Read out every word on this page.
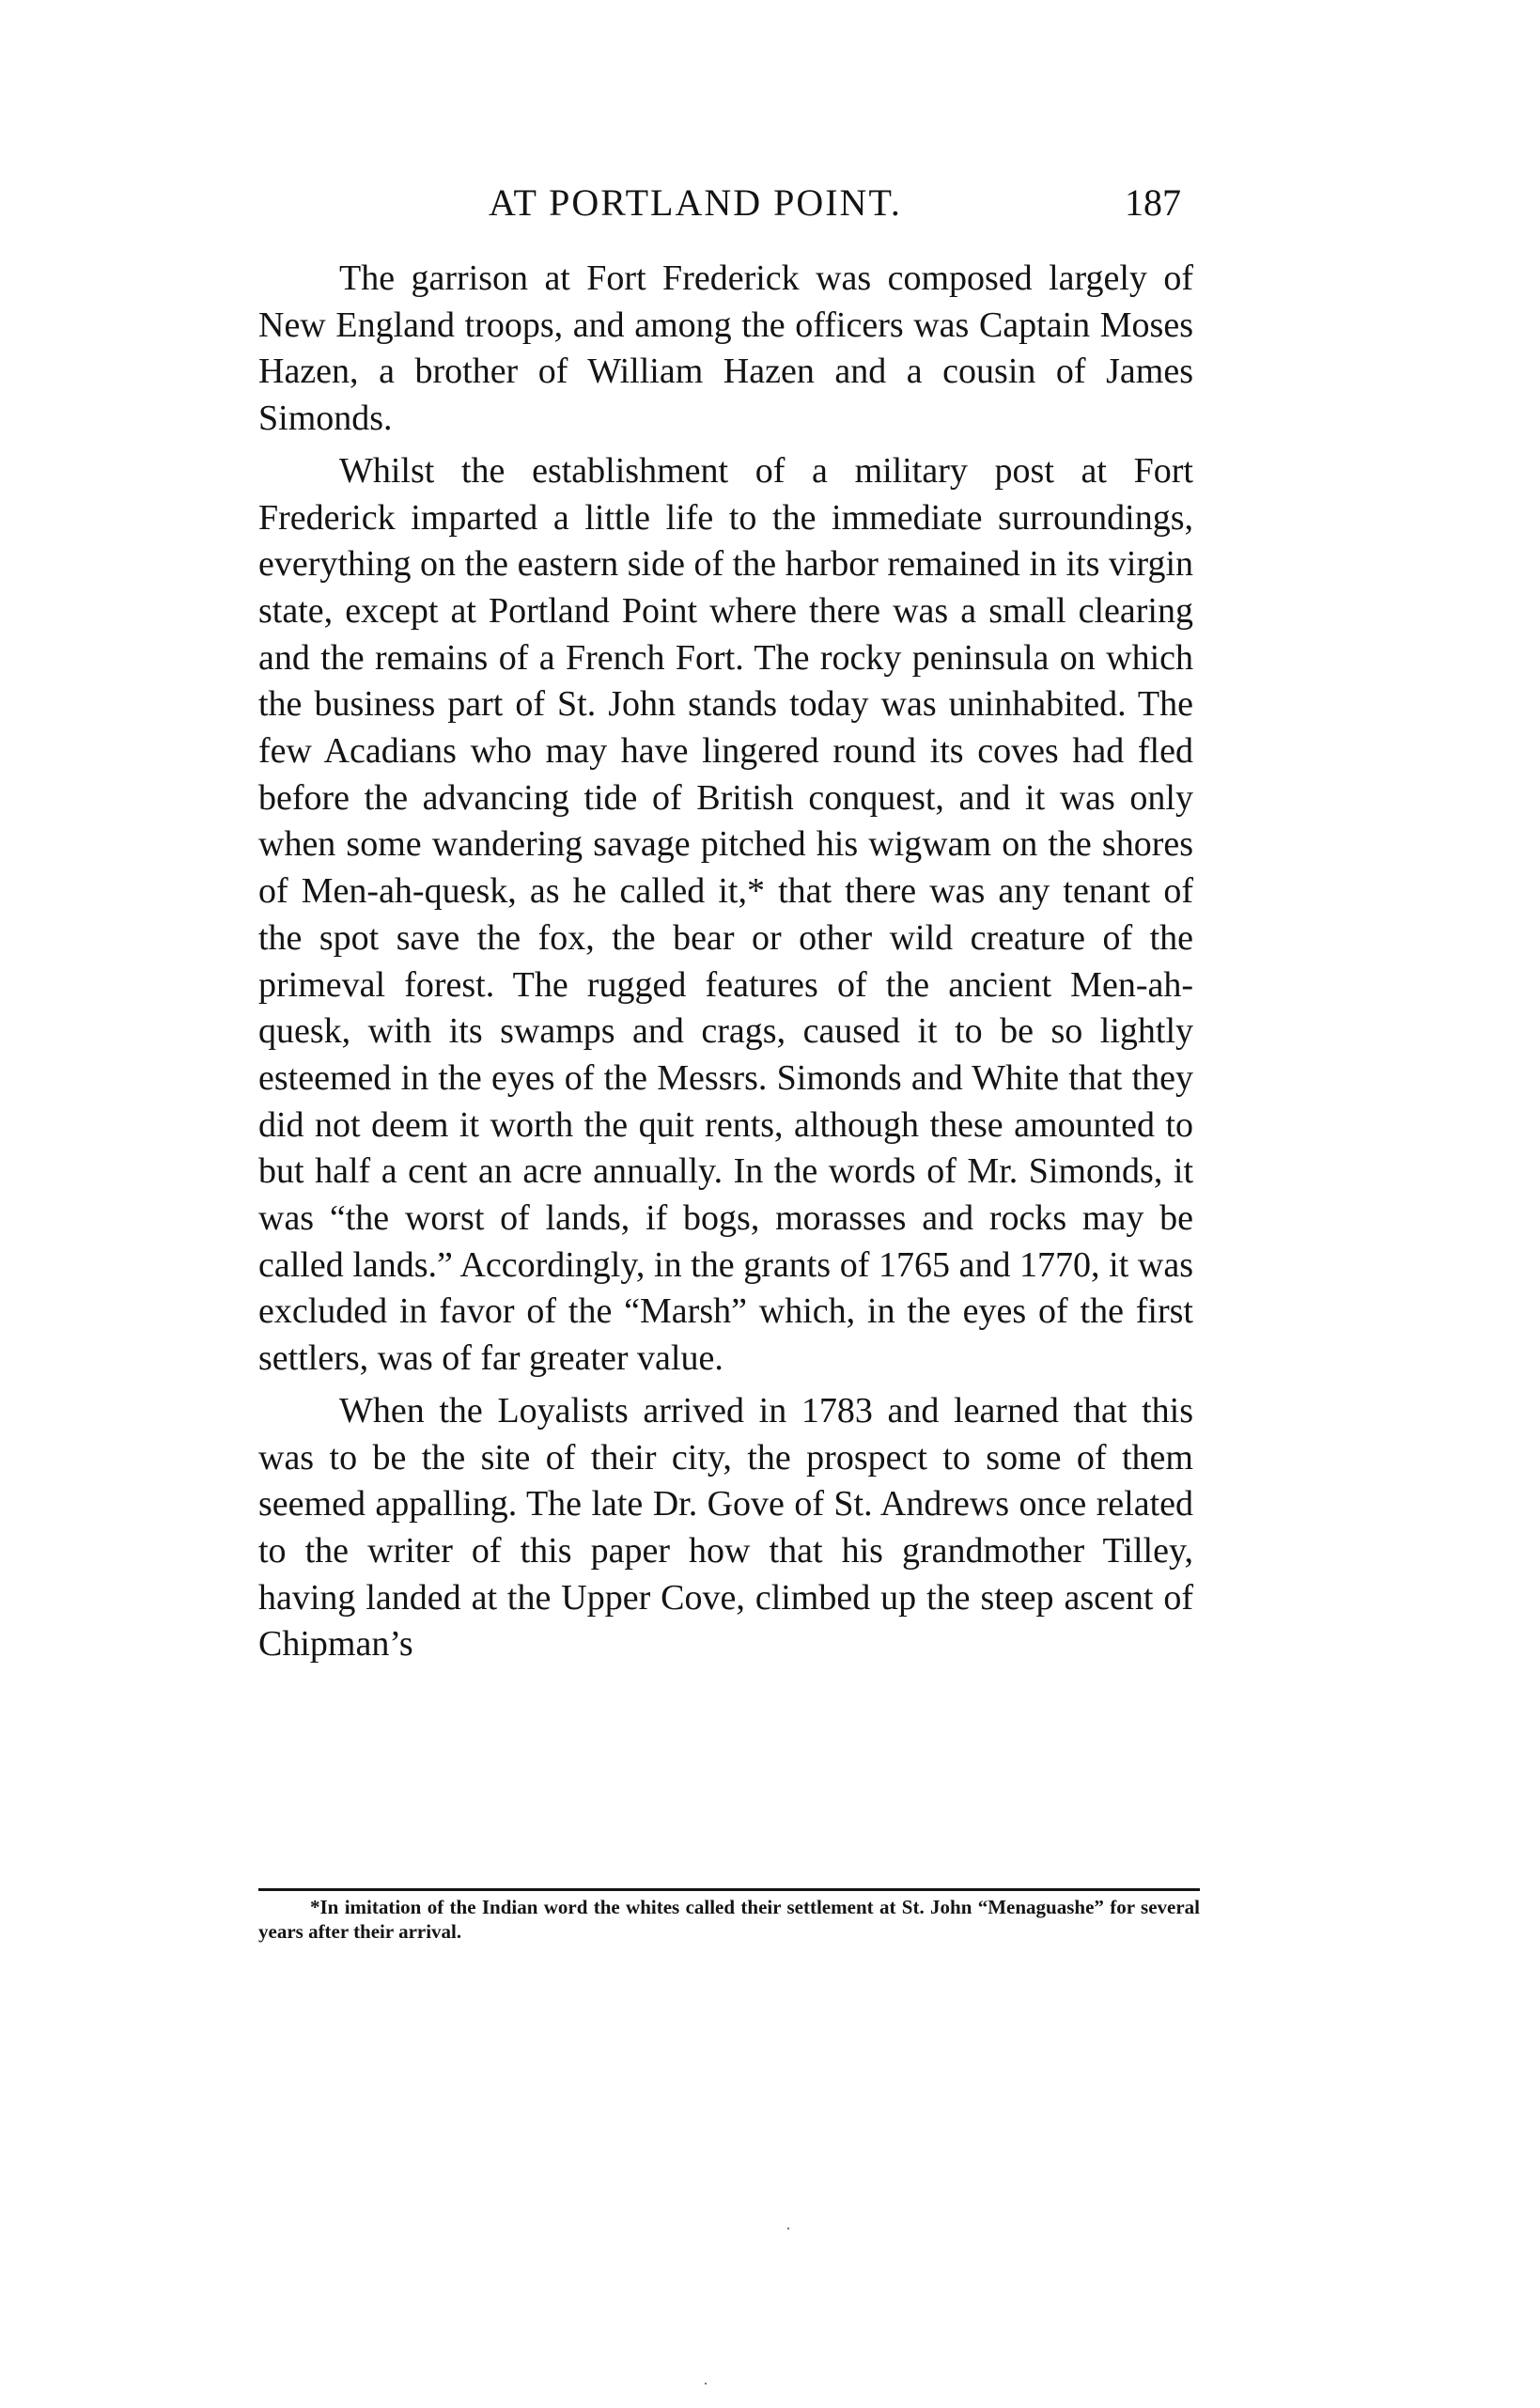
AT PORTLAND POINT.	187

The garrison at Fort Frederick was composed largely of New England troops, and among the officers was Captain Moses Hazen, a brother of William Hazen and a cousin of James Simonds.

Whilst the establishment of a military post at Fort Frederick imparted a little life to the immediate surroundings, everything on the eastern side of the harbor remained in its virgin state, except at Portland Point where there was a small clearing and the remains of a French Fort. The rocky peninsula on which the business part of St. John stands today was uninhabited. The few Acadians who may have lingered round its coves had fled before the advancing tide of British conquest, and it was only when some wandering savage pitched his wigwam on the shores of Men-ah-quesk, as he called it,* that there was any tenant of the spot save the fox, the bear or other wild creature of the primeval forest. The rugged features of the ancient Men-ah-quesk, with its swamps and crags, caused it to be so lightly esteemed in the eyes of the Messrs. Simonds and White that they did not deem it worth the quit rents, although these amounted to but half a cent an acre annually. In the words of Mr. Simonds, it was “the worst of lands, if bogs, morasses and rocks may be called lands.” Accordingly, in the grants of 1765 and 1770, it was excluded in favor of the “Marsh” which, in the eyes of the first settlers, was of far greater value.

When the Loyalists arrived in 1783 and learned that this was to be the site of their city, the prospect to some of them seemed appalling. The late Dr. Gove of St. Andrews once related to the writer of this paper how that his grandmother Tilley, having landed at the Upper Cove, climbed up the steep ascent of Chipman’s

*In imitation of the Indian word the whites called their settlement at St. John “Menaguashe” for several years after their arrival.
